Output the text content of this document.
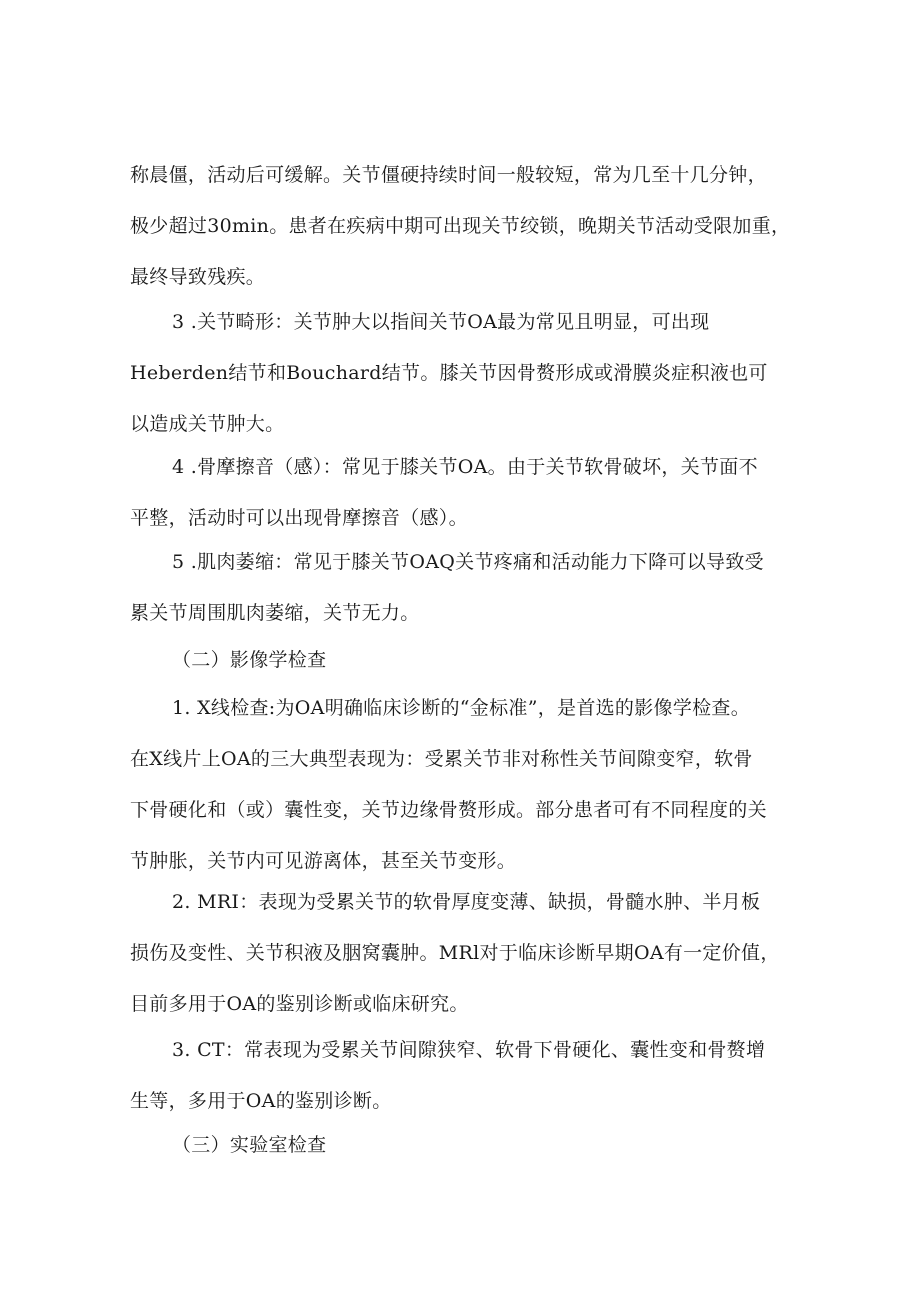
称晨僵，活动后可缓解。关节僵硬持续时间一般较短，常为几至十几分钟，
极少超过30min。患者在疾病中期可出现关节绞锁，晚期关节活动受限加重，
最终导致残疾。
3 .关节畸形：关节肿大以指间关节OA最为常见且明显，可出现
Heberden结节和Bouchard结节。膝关节因骨赘形成或滑膜炎症积液也可
以造成关节肿大。
4 .骨摩擦音（感）：常见于膝关节OA。由于关节软骨破坏，关节面不
平整，活动时可以出现骨摩擦音（感）。
5 .肌肉萎缩：常见于膝关节OAQ关节疼痛和活动能力下降可以导致受
累关节周围肌肉萎缩，关节无力。
（二）影像学检查
1. X线检查:为OA明确临床诊断的“金标准”，是首选的影像学检查。
在X线片上OA的三大典型表现为：受累关节非对称性关节间隙变窄，软骨
下骨硬化和（或）囊性变，关节边缘骨赘形成。部分患者可有不同程度的关
节肿胀，关节内可见游离体，甚至关节变形。
2. MRI：表现为受累关节的软骨厚度变薄、缺损，骨髓水肿、半月板
损伤及变性、关节积液及胭窝囊肿。MRl对于临床诊断早期OA有一定价值，
目前多用于OA的鉴别诊断或临床研究。
3. CT：常表现为受累关节间隙狭窄、软骨下骨硬化、囊性变和骨赘增
生等，多用于OA的鉴别诊断。
（三）实验室检查
